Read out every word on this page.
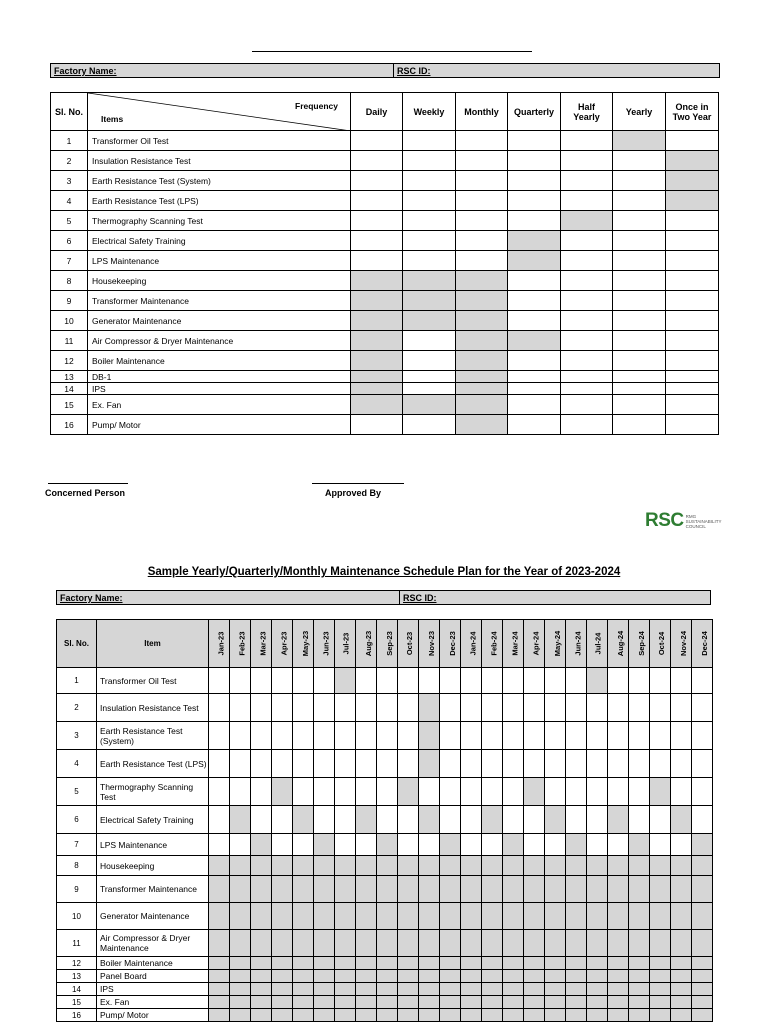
Factory Name:	RSC ID:
Sl. No.	Frequency
Items	Daily	Weekly	Monthly	Quarterly	Half Yearly	Yearly	Once in Two Year
1	Transformer Oil Test							
2	Insulation Resistance Test							
3	Earth Resistance Test (System)							
4	Earth Resistance Test (LPS)							
5	Thermography Scanning Test							
6	Electrical Safety Training							
7	LPS Maintenance							
8	Housekeeping							
9	Transformer Maintenance							
10	Generator Maintenance							
11	Air Compressor & Dryer Maintenance							
12	Boiler Maintenance							
13	DB-1							
14	IPS							
15	Ex. Fan							
16	Pump/ Motor							
Concerned Person	Approved By
RSC RMG
SUSTAINABILITY
COUNCIL
Sample Yearly/Quarterly/Monthly Maintenance Schedule Plan for the Year of 2023-2024
Factory Name:	RSC ID:
Sl. No.	Item	Jan-23	Feb-23	Mar-23	Apr-23	May-23	Jun-23	Jul-23	Aug-23	Sep-23	Oct-23	Nov-23	Dec-23	Jan-24	Feb-24	Mar-24	Apr-24	May-24	Jun-24	Jul-24	Aug-24	Sep-24	Oct-24	Nov-24	Dec-24
1	Transformer Oil Test																								
2	Insulation Resistance Test																								
3	Earth Resistance Test (System)																								
4	Earth Resistance Test (LPS)																								
5	Thermography Scanning Test																								
6	Electrical Safety Training																								
7	LPS Maintenance																								
8	Housekeeping																								
9	Transformer Maintenance																								
10	Generator Maintenance																								
11	Air Compressor & Dryer Maintenance																								
12	Boiler Maintenance																								
13	Panel Board																								
14	IPS																								
15	Ex. Fan																								
16	Pump/ Motor																								
